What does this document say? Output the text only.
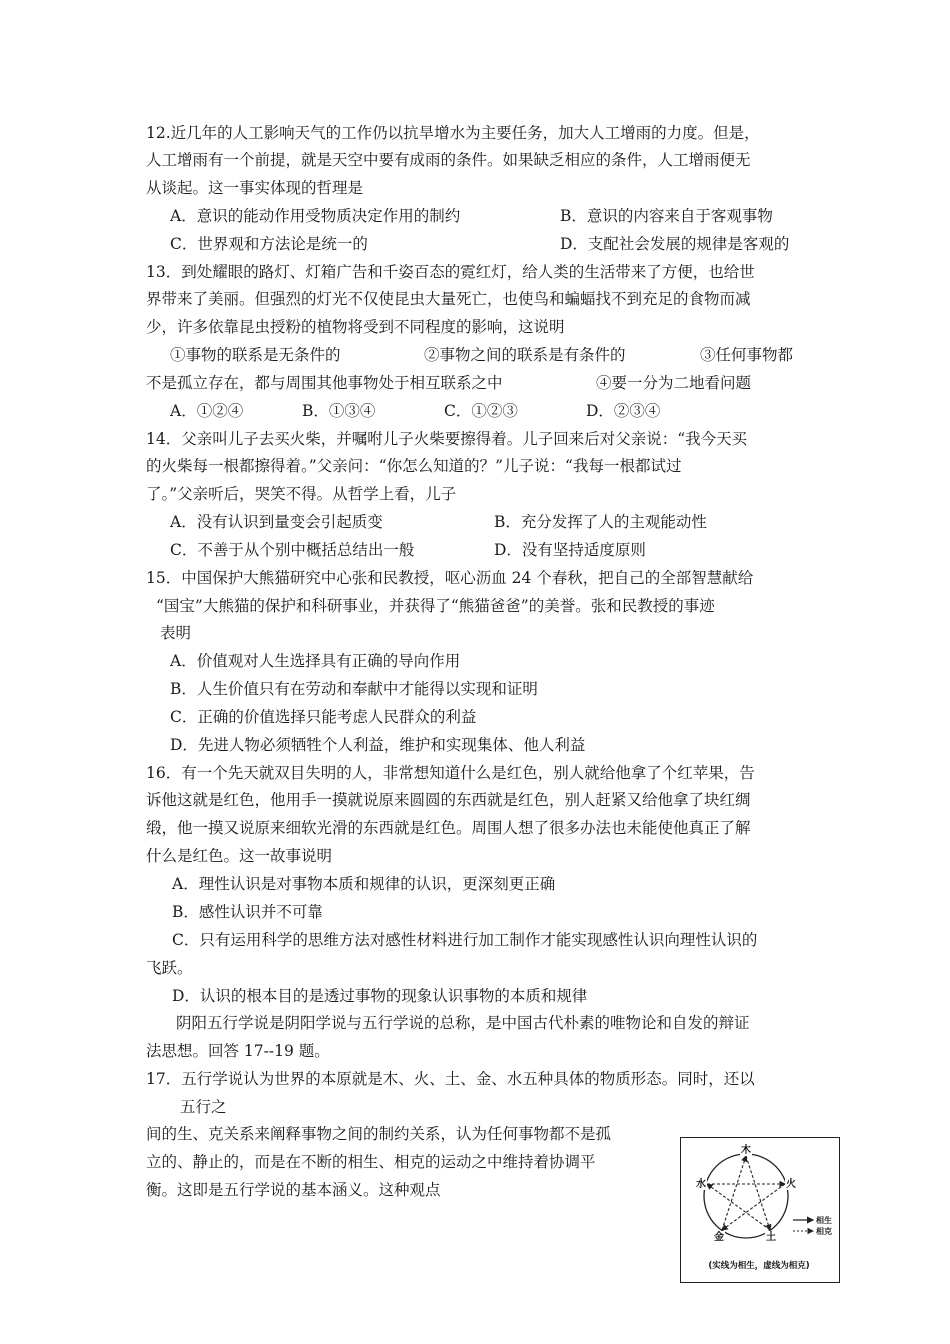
12.近几年的人工影响天气的工作仍以抗旱增水为主要任务，加大人工增雨的力度。但是，
人工增雨有一个前提，就是天空中要有成雨的条件。如果缺乏相应的条件，人工增雨便无
从谈起。这一事实体现的哲理是
A．意识的能动作用受物质决定作用的制约	B．意识的内容来自于客观事物
C．世界观和方法论是统一的	D．支配社会发展的规律是客观的
13．到处耀眼的路灯、灯箱广告和千姿百态的霓红灯，给人类的生活带来了方便，也给世
界带来了美丽。但强烈的灯光不仅使昆虫大量死亡，也使鸟和蝙蝠找不到充足的食物而减
少，许多依靠昆虫授粉的植物将受到不同程度的影响，这说明
①事物的联系是无条件的	②事物之间的联系是有条件的	③任何事物都
不是孤立存在，都与周围其他事物处于相互联系之中	④要一分为二地看问题
A．①②④	B．①③④	C．①②③	D．②③④
14．父亲叫儿子去买火柴，并嘱咐儿子火柴要擦得着。儿子回来后对父亲说：“我今天买
的火柴每一根都擦得着。”父亲问：“你怎么知道的？”儿子说：“我每一根都试过
了。”父亲听后，哭笑不得。从哲学上看，儿子
A．没有认识到量变会引起质变	B．充分发挥了人的主观能动性
C．不善于从个别中概括总结出一般	D．没有坚持适度原则
15．中国保护大熊猫研究中心张和民教授，呕心沥血 24 个春秋，把自己的全部智慧献给
“国宝”大熊猫的保护和科研事业，并获得了“熊猫爸爸”的美誉。张和民教授的事迹
表明
A．价值观对人生选择具有正确的导向作用
B．人生价值只有在劳动和奉献中才能得以实现和证明
C．正确的价值选择只能考虑人民群众的利益
D．先进人物必须牺牲个人利益，维护和实现集体、他人利益
16．有一个先天就双目失明的人，非常想知道什么是红色，别人就给他拿了个红苹果，告
诉他这就是红色，他用手一摸就说原来圆圆的东西就是红色，别人赶紧又给他拿了块红绸
缎，他一摸又说原来细软光滑的东西就是红色。周围人想了很多办法也未能使他真正了解
什么是红色。这一故事说明
A．理性认识是对事物本质和规律的认识，更深刻更正确
B．感性认识并不可靠
C．只有运用科学的思维方法对感性材料进行加工制作才能实现感性认识向理性认识的
飞跃。
D．认识的根本目的是透过事物的现象认识事物的本质和规律
阴阳五行学说是阴阳学说与五行学说的总称，是中国古代朴素的唯物论和自发的辩证
法思想。回答 17--19 题。
17．五行学说认为世界的本原就是木、火、土、金、水五种具体的物质形态。同时，还以
五行之
间的生、克关系来阐释事物之间的制约关系，认为任何事物都不是孤
立的、静止的，而是在不断的相生、相克的运动之中维持着协调平
衡。这即是五行学说的基本涵义。这种观点
木
火
水
土
金
相生
相克
(实线为相生，虚线为相克)
